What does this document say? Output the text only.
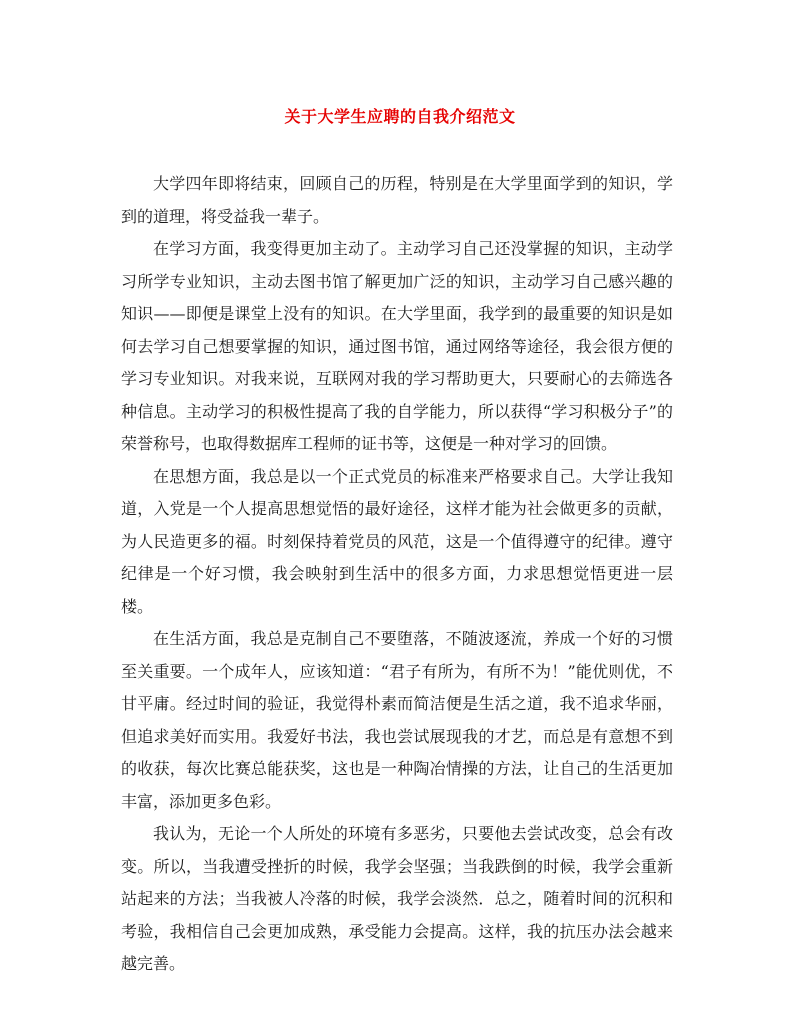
关于大学生应聘的自我介绍范文

大学四年即将结束，回顾自己的历程，特别是在大学里面学到的知识，学到的道理，将受益我一辈子。

在学习方面，我变得更加主动了。主动学习自己还没掌握的知识，主动学习所学专业知识，主动去图书馆了解更加广泛的知识，主动学习自己感兴趣的知识——即便是课堂上没有的知识。在大学里面，我学到的最重要的知识是如何去学习自己想要掌握的知识，通过图书馆，通过网络等途径，我会很方便的学习专业知识。对我来说，互联网对我的学习帮助更大，只要耐心的去筛选各种信息。主动学习的积极性提高了我的自学能力，所以获得“学习积极分子”的荣誉称号，也取得数据库工程师的证书等，这便是一种对学习的回馈。

在思想方面，我总是以一个正式党员的标准来严格要求自己。大学让我知道，入党是一个人提高思想觉悟的最好途径，这样才能为社会做更多的贡献，为人民造更多的福。时刻保持着党员的风范，这是一个值得遵守的纪律。遵守纪律是一个好习惯，我会映射到生活中的很多方面，力求思想觉悟更进一层楼。

在生活方面，我总是克制自己不要堕落，不随波逐流，养成一个好的习惯至关重要。一个成年人，应该知道：“君子有所为，有所不为！”能优则优，不甘平庸。经过时间的验证，我觉得朴素而简洁便是生活之道，我不追求华丽，但追求美好而实用。我爱好书法，我也尝试展现我的才艺，而总是有意想不到的收获，每次比赛总能获奖，这也是一种陶冶情操的方法，让自己的生活更加丰富，添加更多色彩。

我认为，无论一个人所处的环境有多恶劣，只要他去尝试改变，总会有改变。所以，当我遭受挫折的时候，我学会坚强；当我跌倒的时候，我学会重新站起来的方法；当我被人冷落的时候，我学会淡然．总之，随着时间的沉积和考验，我相信自己会更加成熟，承受能力会提高。这样，我的抗压办法会越来越完善。
